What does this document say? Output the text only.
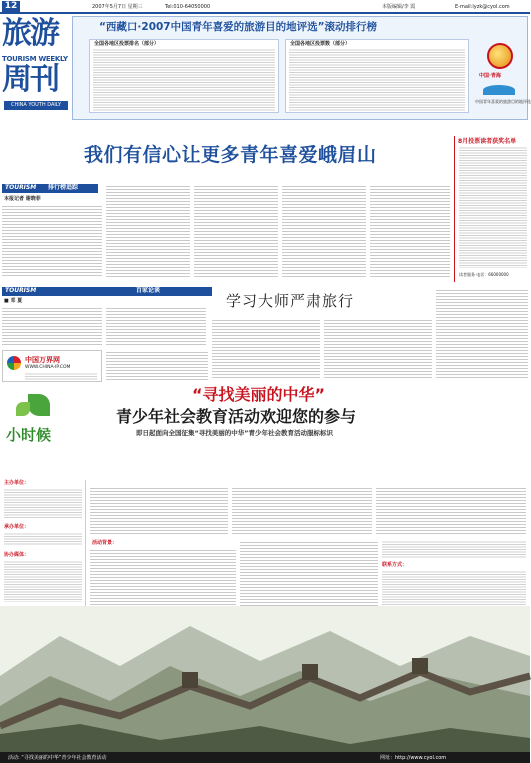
12	2007年5月7日 星期三	Tel:010-64050000	本版编辑/李 霞	E-mail:lyzk@cyol.com
旅游
TOURISM WEEKLY
周刊
CHINA YOUTH DAILY
“西藏口·2007中国青年喜爱的旅游目的地评选”滚动排行榜
全国各地区投票排名（部分）	全国各地区投票数（部分）
中国·青海
中国青年喜爱的旅游目的地评选
我们有信心让更多青年喜爱峨眉山
TOURISM 排行榜追踪
本报记者 谢晓菲
8月投票读者获奖名单
读者服务 电话：66000000
TOURISM	百家论谈
学习大师严肃旅行
■ 邓 夏
中国万界网
WWW.CHINA-IP.COM
小时候
“寻找美丽的中华”
青少年社会教育活动欢迎您的参与
即日起面向全国征集“寻找美丽的中华”青少年社会教育活动服标标识
主办单位：
承办单位：
协办媒体：
活动背景：
联系方式：
活动: “寻找美丽的中华”青少年社会教育活动	网址：http://www.cyol.com
